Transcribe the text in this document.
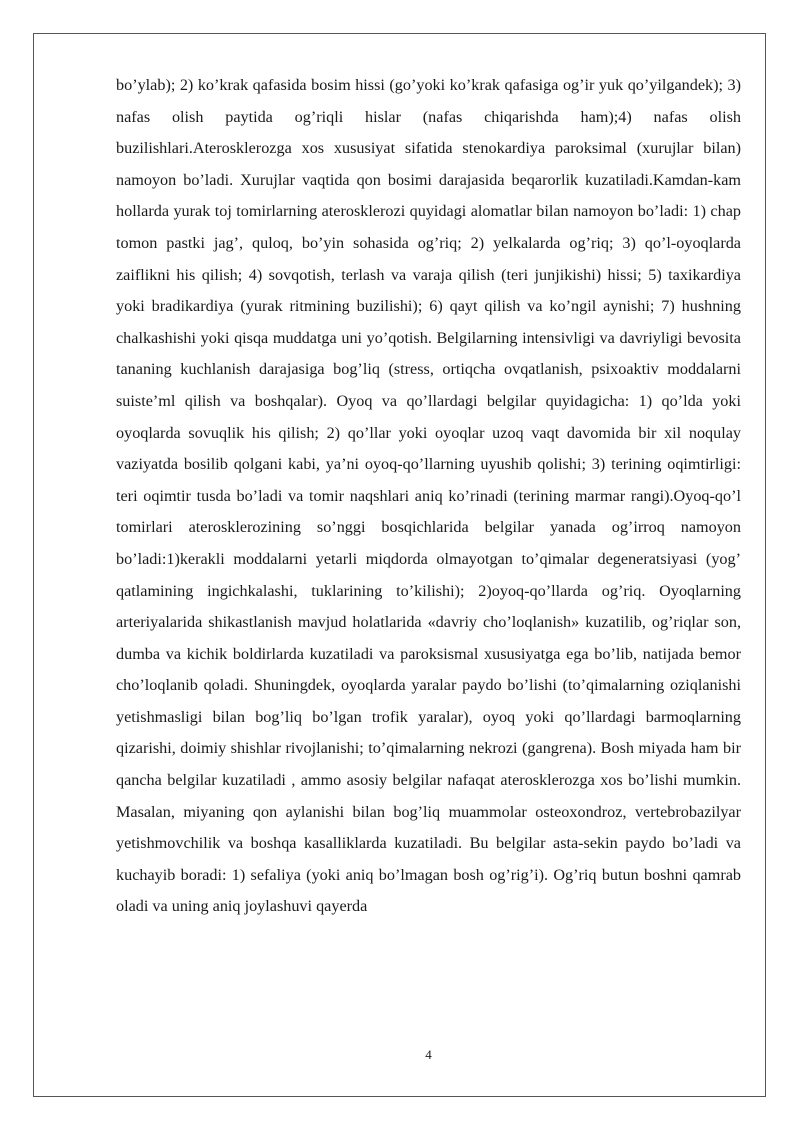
bo’ylab); 2) ko’krak qafasida bosim hissi (go’yoki ko’krak qafasiga og’ir yuk qo’yilgandek); 3) nafas olish paytida og’riqli hislar (nafas chiqarishda ham);4) nafas olish buzilishlari.Aterosklerozga xos xususiyat sifatida stenokardiya paroksimal (xurujlar bilan) namoyon bo’ladi. Xurujlar vaqtida qon bosimi darajasida beqarorlik kuzatiladi.Kamdan-kam hollarda yurak toj tomirlarning aterosklerozi quyidagi alomatlar bilan namoyon bo’ladi: 1) chap tomon pastki jag’, quloq, bo’yin sohasida og’riq; 2) yelkalarda og’riq; 3) qo’l-oyoqlarda zaiflikni his qilish; 4) sovqotish, terlash va varaja qilish (teri junjikishi) hissi; 5) taxikardiya yoki bradikardiya (yurak ritmining buzilishi); 6) qayt qilish va ko’ngil aynishi; 7) hushning chalkashishi yoki qisqa muddatga uni yo’qotish. Belgilarning intensivligi va davriyligi bevosita tananing kuchlanish darajasiga bog’liq (stress, ortiqcha ovqatlanish, psixoaktiv moddalarni suiste’ml qilish va boshqalar). Oyoq va qo’llardagi belgilar quyidagicha: 1) qo’lda yoki oyoqlarda sovuqlik his qilish; 2) qo’llar yoki oyoqlar uzoq vaqt davomida bir xil noqulay vaziyatda bosilib qolgani kabi, ya’ni oyoq-qo’llarning uyushib qolishi; 3) terining oqimtirligi: teri oqimtir tusda bo’ladi va tomir naqshlari aniq ko’rinadi (terining marmar rangi).Oyoq-qo’l tomirlari aterosklerozining so’nggi bosqichlarida belgilar yanada og’irroq namoyon bo’ladi:1)kerakli moddalarni yetarli miqdorda olmayotgan to’qimalar degeneratsiyasi (yog’ qatlamining ingichkalashi, tuklarining to’kilishi); 2)oyoq-qo’llarda og’riq. Oyoqlarning arteriyalarida shikastlanish mavjud holatlarida «davriy cho’loqlanish» kuzatilib, og’riqlar son, dumba va kichik boldirlarda kuzatiladi va paroksismal xususiyatga ega bo’lib, natijada bemor cho’loqlanib qoladi. Shuningdek, oyoqlarda yaralar paydo bo’lishi (to’qimalarning oziqlanishi yetishmasligi bilan bog’liq bo’lgan trofik yaralar), oyoq yoki qo’llardagi barmoqlarning qizarishi, doimiy shishlar rivojlanishi; to’qimalarning nekrozi (gangrena). Bosh miyada ham bir qancha belgilar kuzatiladi , ammo asosiy belgilar nafaqat aterosklerozga xos bo’lishi mumkin. Masalan, miyaning qon aylanishi bilan bog’liq muammolar osteoxondroz, vertebrobazilyar yetishmovchilik va boshqa kasalliklarda kuzatiladi. Bu belgilar asta-sekin paydo bo’ladi va kuchayib boradi: 1) sefaliya (yoki aniq bo’lmagan bosh og’rig’i). Og’riq butun boshni qamrab oladi va uning aniq joylashuvi qayerda

4
